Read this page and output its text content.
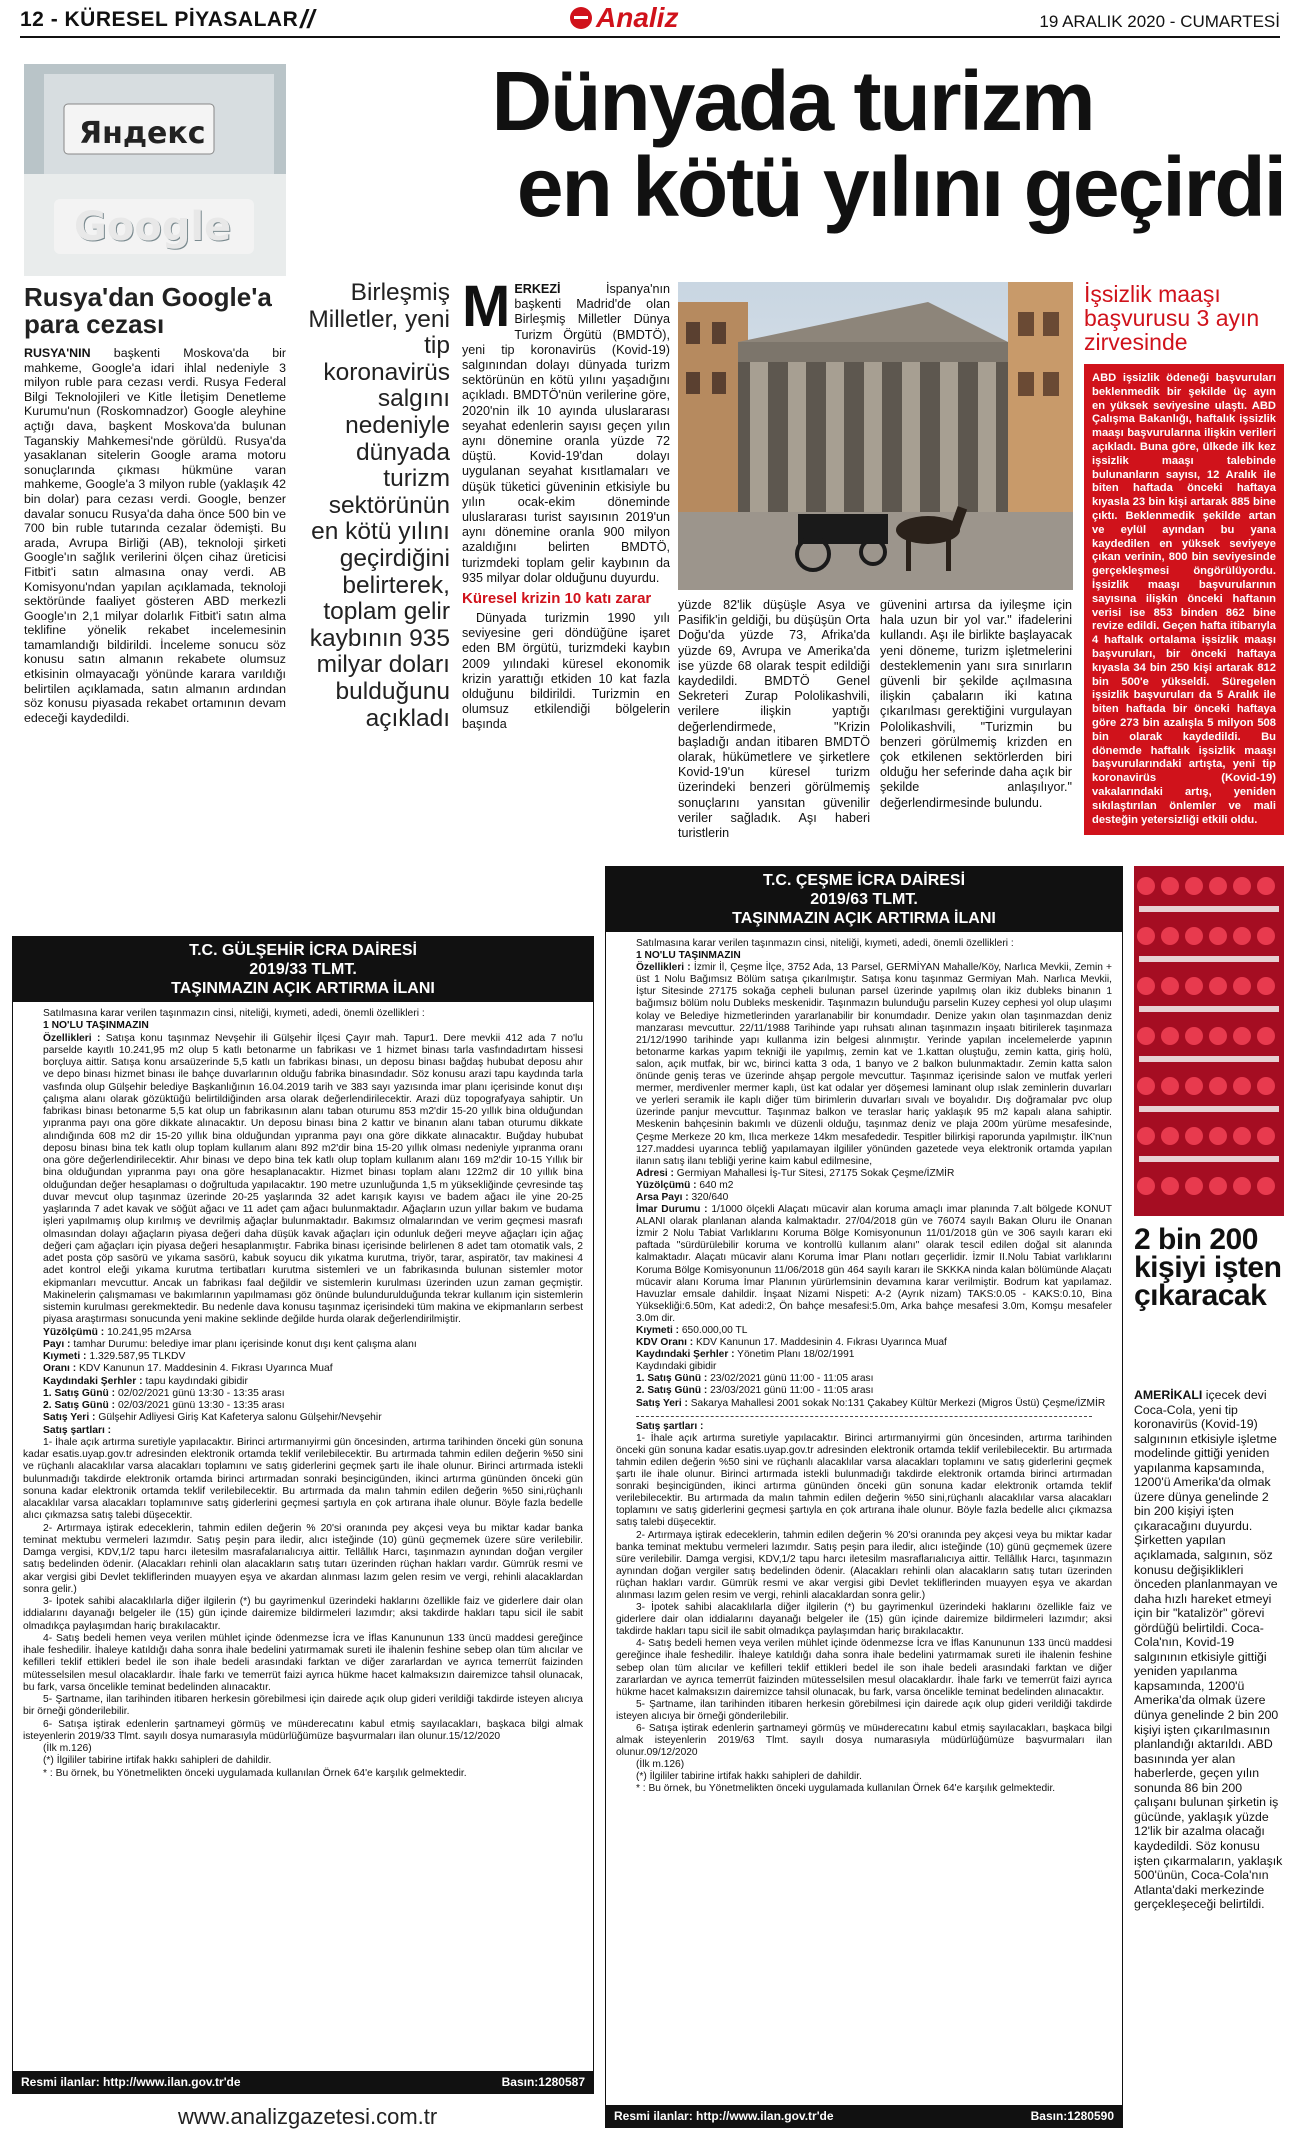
12 - KÜRESEL PİYASALAR //	Analiz	19 ARALIK 2020 - CUMARTESİ
Яндекс
Google
Rusya'dan Google'a para cezası
RUSYA'NIN başkenti Moskova'da bir mahkeme, Google'a idari ihlal nedeniyle 3 milyon ruble para cezası verdi. Rusya Federal Bilgi Teknolojileri ve Kitle İletişim Denetleme Kurumu'nun (Roskomnadzor) Google aleyhine açtığı dava, başkent Moskova'da bulunan Taganskiy Mahkemesi'nde görüldü. Rusya'da yasaklanan sitelerin Google arama motoru sonuçlarında çıkması hükmüne varan mahkeme, Google'a 3 milyon ruble (yaklaşık 42 bin dolar) para cezası verdi. Google, benzer davalar sonucu Rusya'da daha önce 500 bin ve 700 bin ruble tutarında cezalar ödemişti. Bu arada, Avrupa Birliği (AB), teknoloji şirketi Google'ın sağlık verilerini ölçen cihaz üreticisi Fitbit'i satın almasına onay verdi. AB Komisyonu'ndan yapılan açıklamada, teknoloji sektöründe faaliyet gösteren ABD merkezli Google'ın 2,1 milyar dolarlık Fitbit'i satın alma teklifine yönelik rekabet incelemesinin tamamlandığı bildirildi. İnceleme sonucu söz konusu satın almanın rekabete olumsuz etkisinin olmayacağı yönünde karara varıldığı belirtilen açıklamada, satın almanın ardından söz konusu piyasada rekabet ortamının devam edeceği kaydedildi.
Dünyada turizm
en kötü yılını geçirdi
Birleşmiş Milletler, yeni tip koronavirüs salgını nedeniyle dünyada turizm sektörünün en kötü yılını geçirdiğini belirterek, toplam gelir kaybının 935 milyar doları bulduğunu açıkladı
M ERKEZİ İspanya'nın başkenti Madrid'de olan Birleşmiş Milletler Dünya Turizm Örgütü (BMDTÖ), yeni tip koronavirüs (Kovid-19) salgınından dolayı dünyada turizm sektörünün en kötü yılını yaşadığını açıkladı. BMDTÖ'nün verilerine göre, 2020'nin ilk 10 ayında uluslararası seyahat edenlerin sayısı geçen yılın aynı dönemine oranla yüzde 72 düştü. Kovid-19'dan dolayı uygulanan seyahat kısıtlamaları ve düşük tüketici güveninin etkisiyle bu yılın ocak-ekim döneminde uluslararası turist sayısının 2019'un aynı dönemine oranla 900 milyon azaldığını belirten BMDTÖ, turizmdeki toplam gelir kaybının da 935 milyar dolar olduğunu duyurdu.
Küresel krizin 10 katı zarar
Dünyada turizmin 1990 yılı seviyesine geri döndüğüne işaret eden BM örgütü, turizmdeki kaybın 2009 yılındaki küresel ekonomik krizin yarattığı etkiden 10 kat fazla olduğunu bildirildi. Turizmin en olumsuz etkilendiği bölgelerin başında
yüzde 82'lik düşüşle Asya ve Pasifik'in geldiği, bu düşüşün Orta Doğu'da yüzde 73, Afrika'da yüzde 69, Avrupa ve Amerika'da ise yüzde 68 olarak tespit edildiği kaydedildi. BMDTÖ Genel Sekreteri Zurap Pololikashvili, verilere ilişkin yaptığı değerlendirmede, "Krizin başladığı andan itibaren BMDTÖ olarak, hükümetlere ve şirketlere Kovid-19'un küresel turizm üzerindeki benzeri görülmemiş sonuçlarını yansıtan güvenilir veriler sağladık. Aşı haberi turistlerin
güvenini artırsa da iyileşme için hala uzun bir yol var." ifadelerini kullandı. Aşı ile birlikte başlayacak yeni döneme, turizm işletmelerini desteklemenin yanı sıra sınırların güvenli bir şekilde açılmasına ilişkin çabaların iki katına çıkarılması gerektiğini vurgulayan Pololikashvili, "Turizmin bu benzeri görülmemiş krizden en çok etkilenen sektörlerden biri olduğu her seferinde daha açık bir şekilde anlaşılıyor." değerlendirmesinde bulundu.
İşsizlik maaşı başvurusu 3 ayın zirvesinde
ABD işsizlik ödeneği başvuruları beklenmedik bir şekilde üç ayın en yüksek seviyesine ulaştı. ABD Çalışma Bakanlığı, haftalık işsizlik maaşı başvurularına ilişkin verileri açıkladı. Buna göre, ülkede ilk kez işsizlik maaşı talebinde bulunanların sayısı, 12 Aralık ile biten haftada önceki haftaya kıyasla 23 bin kişi artarak 885 bine çıktı. Beklenmedik şekilde artan ve eylül ayından bu yana kaydedilen en yüksek seviyeye çıkan verinin, 800 bin seviyesinde gerçekleşmesi öngörülüyordu. İşsizlik maaşı başvurularının sayısına ilişkin önceki haftanın verisi ise 853 binden 862 bine revize edildi. Geçen hafta itibarıyla 4 haftalık ortalama işsizlik maaşı başvuruları, bir önceki haftaya kıyasla 34 bin 250 kişi artarak 812 bin 500'e yükseldi. Süregelen işsizlik başvuruları da 5 Aralık ile biten haftada bir önceki haftaya göre 273 bin azalışla 5 milyon 508 bin olarak kaydedildi. Bu dönemde haftalık işsizlik maaşı başvurularındaki artışta, yeni tip koronavirüs (Kovid-19) vakalarındaki artış, yeniden sıkılaştırılan önlemler ve mali desteğin yetersizliği etkili oldu.
T.C. GÜLŞEHİR İCRA DAİRESİ
2019/33 TLMT.
TAŞINMAZIN AÇIK ARTIRMA İLANI

Satılmasına karar verilen taşınmazın cinsi, niteliği, kıymeti, adedi, önemli özellikleri :

1 NO'LU TAŞINMAZIN

Özellikleri : Satışa konu taşınmaz Nevşehir ili Gülşehir İlçesi Çayır mah. Tapur1. Dere mevkii 412 ada 7 no'lu parselde kayıtlı 10.241,95 m2 olup 5 katlı betonarme un fabrikası ve 1 hizmet binası tarla vasfındadırtam hissesi borçluya aittir. Satışa konu arsaüzerinde 5,5 katlı un fabrikası binası, un deposu binası bağdaş hububat deposu ahır ve depo binası hizmet binası ile bahçe duvarlarının olduğu fabrika binasındadır. Söz konusu arazi tapu kaydında tarla vasfında olup Gülşehir belediye Başkanlığının 16.04.2019 tarih ve 383 sayı yazısında imar planı içerisinde konut dışı çalışma alanı olarak gözüktüğü belirtildiğinden arsa olarak değerlendirilecektir. Arazi düz topografyaya sahiptir. Un fabrikası binası betonarme 5,5 kat olup un fabrikasının alanı taban oturumu 853 m2'dir 15-20 yıllık bina olduğundan yıpranma payı ona göre dikkate alınacaktır. Un deposu binası bina 2 kattır ve binanın alanı taban oturumu dikkate alındığında 608 m2 dir 15-20 yıllık bina olduğundan yıpranma payı ona göre dikkate alınacaktır. Buğday hububat deposu binası bina tek katlı olup toplam kullanım alanı 892 m2'dir bina 15-20 yıllık olması nedeniyle yıpranma oranı ona göre değerlendirilecektir. Ahır binası ve depo bina tek katlı olup toplam kullanım alanı 169 m2'dir 10-15 Yıllık bir bina olduğundan yıpranma payı ona göre hesaplanacaktır. Hizmet binası toplam alanı 122m2 dir 10 yıllık bina olduğundan değer hesaplaması o doğrultuda yapılacaktır. 190 metre uzunluğunda 1,5 m yüksekliğinde çevresinde taş duvar mevcut olup taşınmaz üzerinde 20-25 yaşlarında 32 adet karışık kayısı ve badem ağacı ile yine 20-25 yaşlarında 7 adet kavak ve söğüt ağacı ve 11 adet çam ağacı bulunmaktadır. Ağaçların uzun yıllar bakım ve budama işleri yapılmamış olup kırılmış ve devrilmiş ağaçlar bulunmaktadır. Bakımsız olmalarından ve verim geçmesi masrafı olmasından dolayı ağaçların piyasa değeri daha düşük kavak ağaçları için odunluk değeri meyve ağaçları için ağaç değeri çam ağaçları için piyasa değeri hesaplanmıştır. Fabrika binası içerisinde belirlenen 8 adet tam otomatik vals, 2 adet posta çöp sasörü ve yıkama sasörü, kabuk soyucu dik yıkatma kurutma, triyör, tarar, aspiratör, tav makinesi 4 adet kontrol eleği yıkama kurutma tertibatları kurutma sistemleri ve un fabrikasında bulunan sistemler motor ekipmanları mevcuttur. Ancak un fabrikası faal değildir ve sistemlerin kurulması üzerinden uzun zaman geçmiştir. Makinelerin çalışmaması ve bakımlarının yapılmaması göz önünde bulundurulduğunda tekrar kullanım için sistemlerin sistemin kurulması gerekmektedir. Bu nedenle dava konusu taşınmaz içerisindeki tüm makina ve ekipmanların serbest piyasa araştırması sonucunda yeni makine seklinde değilde hurda olarak değerlendirilmiştir.

Yüzölçümü : 10.241,95 m2Arsa

Payı : tamhar Durumu: belediye imar planı içerisinde konut dışı kent çalışma alanı

Kıymeti : 1.329.587,95 TLKDV

Oranı : KDV Kanunun 17. Maddesinin 4. Fıkrası Uyarınca Muaf

Kaydındaki Şerhler : tapu kaydındaki gibidir

1. Satış Günü : 02/02/2021 günü 13:30 - 13:35 arası

2. Satış Günü : 02/03/2021 günü 13:30 - 13:35 arası

Satış Yeri : Gülşehir Adliyesi Giriş Kat Kafeterya salonu Gülşehir/Nevşehir

Satış şartları :

1- İhale açık artırma suretiyle yapılacaktır. Birinci artırmanıyirmi gün öncesinden, artırma tarihinden önceki gün sonuna kadar esatis.uyap.gov.tr adresinden elektronik ortamda teklif verilebilecektir. Bu artırmada tahmin edilen değerin %50 sini ve rüçhanlı alacaklılar varsa alacakları toplamını ve satış giderlerini geçmek şartı ile ihale olunur. Birinci artırmada istekli bulunmadığı takdirde elektronik ortamda birinci artırmadan sonraki beşincigünden, ikinci artırma gününden önceki gün sonuna kadar elektronik ortamda teklif verilebilecektir. Bu artırmada da malın tahmin edilen değerin %50 sini,rüçhanlı alacaklılar varsa alacakları toplamınıve satış giderlerini geçmesi şartıyla en çok artırana ihale olunur. Böyle fazla bedelle alıcı çıkmazsa satış talebi düşecektir.

2- Artırmaya iştirak edeceklerin, tahmin edilen değerin % 20'si oranında pey akçesi veya bu miktar kadar banka teminat mektubu vermeleri lazımdır. Satış peşin para iledir, alıcı isteğinde (10) günü geçmemek üzere süre verilebilir. Damga vergisi, KDV,1/2 tapu harcı iletesilm masrafalarıalıcıya aittir. Tellâllık Harcı, taşınmazın aynından doğan vergiler satış bedelinden ödenir. (Alacakları rehinli olan alacakların satış tutarı üzerinden rüçhan hakları vardır. Gümrük resmi ve akar vergisi gibi Devlet tekliflerinden muayyen eşya ve akardan alınması lazım gelen resim ve vergi, rehinli alacaklardan sonra gelir.)

3- İpotek sahibi alacaklılarla diğer ilgilerin (*) bu gayrimenkul üzerindeki haklarını özellikle faiz ve giderlere dair olan iddialarını dayanağı belgeler ile (15) gün içinde dairemize bildirmeleri lazımdır; aksi takdirde hakları tapu sicil ile sabit olmadıkça paylaşımdan hariç bırakılacaktır.

4- Satış bedeli hemen veya verilen mühlet içinde ödenmezse İcra ve İflas Kanununun 133 üncü maddesi gereğince ihale feshedilir. İhaleye katıldığı daha sonra ihale bedelini yatırmamak sureti ile ihalenin feshine sebep olan tüm alıcılar ve kefilleri teklif ettikleri bedel ile son ihale bedeli arasındaki farktan ve diğer zararlardan ve ayrıca temerrüt faizinden mütesselsilen mesul olacaklardır. İhale farkı ve temerrüt faizi ayrıca hükme hacet kalmaksızın dairemizce tahsil olunacak, bu fark, varsa öncelikle teminat bedelinden alınacaktır.

5- Şartname, ilan tarihinden itibaren herkesin görebilmesi için dairede açık olup gideri verildiği takdirde isteyen alıcıya bir örneği gönderilebilir.

6- Satışa iştirak edenlerin şartnameyi görmüş ve müнderecatını kabul etmiş sayılacakları, başkaca bilgi almak isteyenlerin 2019/33 Tlmt. sayılı dosya numarasıyla müdürlüğümüze başvurmaları ilan olunur.15/12/2020

(İlk m.126)

(*) İlgililer tabirine irtifak hakkı sahipleri de dahildir.

* : Bu örnek, bu Yönetmelikten önceki uygulamada kullanılan Örnek 64'e karşılık gelmektedir.

Resmi ilanlar: http://www.ilan.gov.tr'de	Basın:1280587
T.C. ÇEŞME İCRA DAİRESİ
2019/63 TLMT.
TAŞINMAZIN AÇIK ARTIRMA İLANI

Satılmasına karar verilen taşınmazın cinsi, niteliği, kıymeti, adedi, önemli özellikleri :

1 NO'LU TAŞINMAZIN

Özellikleri : İzmir İl, Çeşme İlçe, 3752 Ada, 13 Parsel, GERMİYAN Mahalle/Köy, Narlıca Mevkii, Zemin + üst 1 Nolu Bağımsız Bölüm satışa çıkarılmıştır. Satışa konu taşınmaz Germiyan Mah. Narlıca Mevkii, İştur Sitesinde 27175 sokağa cepheli bulunan parsel üzerinde yapılmış olan ikiz dubleks binanın 1 bağımsız bölüm nolu Dubleks meskenidir. Taşınmazın bulunduğu parselin Kuzey cephesi yol olup ulaşımı kolay ve Belediye hizmetlerinden yararlanabilir bir konumdadır. Denize yakın olan taşınmazdan deniz manzarası mevcuttur. 22/11/1988 Tarihinde yapı ruhsatı alınan taşınmazın inşaatı bitirilerek taşınmaza 21/12/1990 tarihinde yapı kullanma izin belgesi alınmıştır. Yerinde yapılan incelemelerde yapının betonarme karkas yapım tekniği ile yapılmış, zemin kat ve 1.kattan oluştuğu, zemin katta, giriş holü, salon, açık mutfak, bir wc, birinci katta 3 oda, 1 banyo ve 2 balkon bulunmaktadır. Zemin katta salon önünde geniş teras ve üzerinde ahşap pergole mevcuttur. Taşınmaz içerisinde salon ve mutfak yerleri mermer, merdivenler mermer kaplı, üst kat odalar yer döşemesi laminant olup ıslak zeminlerin duvarları ve yerleri seramik ile kaplı diğer tüm birimlerin duvarları sıvalı ve boyalıdır. Dış doğramalar pvc olup üzerinde panjur mevcuttur. Taşınmaz balkon ve teraslar hariç yaklaşık 95 m2 kapalı alana sahiptir. Meskenin bahçesinin bakımlı ve düzenli olduğu, taşınmaz deniz ve plaja 200m yürüme mesafesinde, Çeşme Merkeze 20 km, Ilıca merkeze 14km mesafededir. Tespitler bilirkişi raporunda yapılmıştır. İlK'nun 127.maddesi uyarınca tebliğ yapılamayan ilgililer yönünden gazetede veya elektronik ortamda yapılan ilanın satış ilanı tebliği yerine kaim kabul edilmesine,

Adresi : Germiyan Mahallesi İş-Tur Sitesi, 27175 Sokak Çeşme/İZMİR

Yüzölçümü : 640 m2

Arsa Payı : 320/640

İmar Durumu : 1/1000 ölçekli Alaçatı mücavir alan koruma amaçlı imar planında 7.alt bölgede KONUT ALANI olarak planlanan alanda kalmaktadır. 27/04/2018 gün ve 76074 sayılı Bakan Oluru ile Onanan İzmir 2 Nolu Tabiat Varlıklarını Koruma Bölge Komisyonunun 11/01/2018 gün ve 306 sayılı kararı eki paftada "sürdürülebilir koruma ve kontrollü kullanım alanı" olarak tescil edilen doğal sit alanında kalmaktadır. Alaçatı mücavir alanı Koruma İmar Planı notları geçerlidir. İzmir II.Nolu Tabiat varlıklarını Koruma Bölge Komisyonunun 11/06/2018 gün 464 sayılı kararı ile SKKKA ninda kalan bölümünde Alaçatı mücavir alanı Koruma İmar Planının yürürlemsinin devamına karar verilmiştir. Bodrum kat yapılamaz. Havuzlar emsale dahildir. İnşaat Nizami Nispeti: A-2 (Ayrık nizam) TAKS:0.05 - KAKS:0.10, Bina Yüksekliği:6.50m, Kat adedi:2, Ön bahçe mesafesi:5.0m, Arka bahçe mesafesi 3.0m, Komşu mesafeler 3.0m dir.

Kıymeti : 650.000,00 TL

KDV Oranı : KDV Kanunun 17. Maddesinin 4. Fıkrası Uyarınca Muaf

Kaydındaki Şerhler : Yönetim Planı 18/02/1991

Kaydındaki gibidir

1. Satış Günü : 23/02/2021 günü 11:00 - 11:05 arası

2. Satış Günü : 23/03/2021 günü 11:00 - 11:05 arası

Satış Yeri : Sakarya Mahallesi 2001 sokak No:131 Çakabey Kültür Merkezi (Migros Üstü) Çeşme/İZMİR

Satış şartları :

1- İhale açık artırma suretiyle yapılacaktır. Birinci artırmanıyirmi gün öncesinden, artırma tarihinden önceki gün sonuna kadar esatis.uyap.gov.tr adresinden elektronik ortamda teklif verilebilecektir. Bu artırmada tahmin edilen değerin %50 sini ve rüçhanlı alacaklılar varsa alacakları toplamını ve satış giderlerini geçmek şartı ile ihale olunur. Birinci artırmada istekli bulunmadığı takdirde elektronik ortamda birinci artırmadan sonraki beşincigünden, ikinci artırma gününden önceki gün sonuna kadar elektronik ortamda teklif verilebilecektir. Bu artırmada da malın tahmin edilen değerin %50 sini,rüçhanlı alacaklılar varsa alacakları toplamını ve satış giderlerini geçmesi şartıyla en çok artırana ihale olunur. Böyle fazla bedelle alıcı çıkmazsa satış talebi düşecektir.

2- Artırmaya iştirak edeceklerin, tahmin edilen değerin % 20'si oranında pey akçesi veya bu miktar kadar banka teminat mektubu vermeleri lazımdır. Satış peşin para iledir, alıcı isteğinde (10) günü geçmemek üzere süre verilebilir. Damga vergisi, KDV,1/2 tapu harcı iletesilm masraflarıalıcıya aittir. Tellâllık Harcı, taşınmazın aynından doğan vergiler satış bedelinden ödenir. (Alacakları rehinli olan alacakların satış tutarı üzerinden rüçhan hakları vardır. Gümrük resmi ve akar vergisi gibi Devlet tekliflerinden muayyen eşya ve akardan alınması lazım gelen resim ve vergi, rehinli alacaklardan sonra gelir.)

3- İpotek sahibi alacaklılarla diğer ilgilerin (*) bu gayrimenkul üzerindeki haklarını özellikle faiz ve giderlere dair olan iddialarını dayanağı belgeler ile (15) gün içinde dairemize bildirmeleri lazımdır; aksi takdirde hakları tapu sicil ile sabit olmadıkça paylaşımdan hariç bırakılacaktır.

4- Satış bedeli hemen veya verilen mühlet içinde ödenmezse İcra ve İflas Kanununun 133 üncü maddesi gereğince ihale feshedilir. İhaleye katıldığı daha sonra ihale bedelini yatırmamak sureti ile ihalenin feshine sebep olan tüm alıcılar ve kefilleri teklif ettikleri bedel ile son ihale bedeli arasındaki farktan ve diğer zararlardan ve ayrıca temerrüt faizinden mütesselsilen mesul olacaklardır. İhale farkı ve temerrüt faizi ayrıca hükme hacet kalmaksızın dairemizce tahsil olunacak, bu fark, varsa öncelikle teminat bedelinden alınacaktır.

5- Şartname, ilan tarihinden itibaren herkesin görebilmesi için dairede açık olup gideri verildiği takdirde isteyen alıcıya bir örneği gönderilebilir.

6- Satışa iştirak edenlerin şartnameyi görmüş ve müнderecatını kabul etmiş sayılacakları, başkaca bilgi almak isteyenlerin 2019/63 Tlmt. sayılı dosya numarasıyla müdürlüğümüze başvurmaları ilan olunur.09/12/2020

(İlk m.126)

(*) İlgililer tabirine irtifak hakkı sahipleri de dahildir.

* : Bu örnek, bu Yönetmelikten önceki uygulamada kullanılan Örnek 64'e karşılık gelmektedir.

Resmi ilanlar: http://www.ilan.gov.tr'de	Basın:1280590
2 bin 200 kişiyi işten çıkaracak
AMERİKALI içecek devi Coca-Cola, yeni tip koronavirüs (Kovid-19) salgınının etkisiyle işletme modelinde gittiği yeniden yapılanma kapsamında, 1200'ü Amerika'da olmak üzere dünya genelinde 2 bin 200 kişiyi işten çıkaracağını duyurdu. Şirketten yapılan açıklamada, salgının, söz konusu değişiklikleri önceden planlanmayan ve daha hızlı hareket etmeyi için bir "katalizör" görevi gördüğü belirtildi. Coca-Cola'nın, Kovid-19 salgınının etkisiyle gittiği yeniden yapılanma kapsamında, 1200'ü Amerika'da olmak üzere dünya genelinde 2 bin 200 kişiyi işten çıkarılmasının planlandığı aktarıldı. ABD basınında yer alan haberlerde, geçen yılın sonunda 86 bin 200 çalışanı bulunan şirketin iş gücünde, yaklaşık yüzde 12'lik bir azalma olacağı kaydedildi. Söz konusu işten çıkarmaların, yaklaşık 500'ünün, Coca-Cola'nın Atlanta'daki merkezinde gerçekleşeceği belirtildi.
www.analizgazetesi.com.tr
